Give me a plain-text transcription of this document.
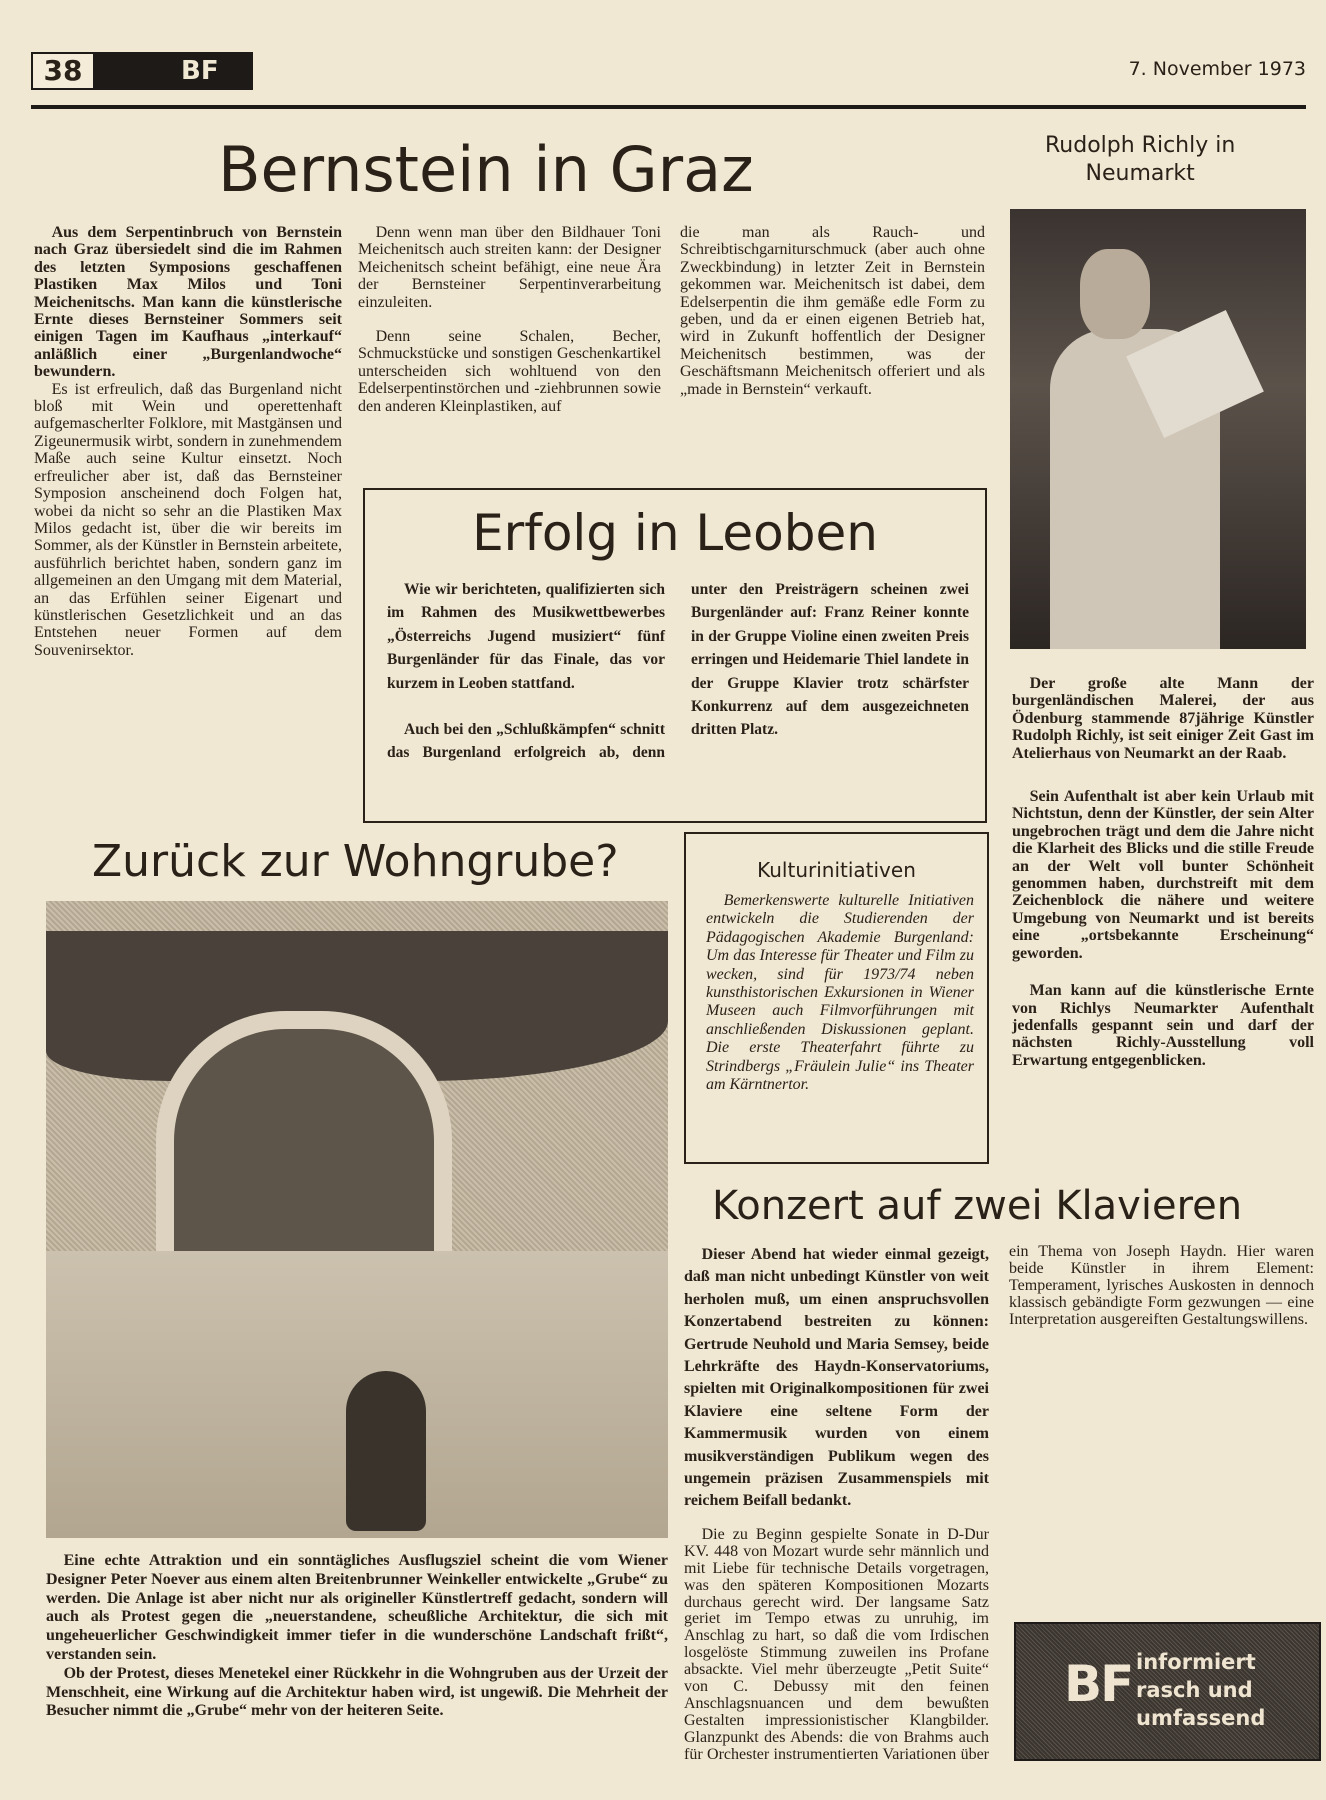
38	BF	7. November 1973
Bernstein in Graz

Aus dem Serpentinbruch von Bernstein nach Graz übersiedelt sind die im Rahmen des letzten Symposions geschaffenen Plastiken Max Milos und Toni Meichenitschs. Man kann die künstlerische Ernte dieses Bernsteiner Sommers seit einigen Tagen im Kaufhaus „interkauf“ anläßlich einer „Burgenlandwoche“ bewundern.

Es ist erfreulich, daß das Burgenland nicht bloß mit Wein und operettenhaft aufgemascherlter Folklore, mit Mastgänsen und Zigeunermusik wirbt, sondern in zunehmendem Maße auch seine Kultur einsetzt. Noch erfreulicher aber ist, daß das Bernsteiner Symposion anscheinend doch Folgen hat, wobei da nicht so sehr an die Plastiken Max Milos gedacht ist, über die wir bereits im Sommer, als der Künstler in Bernstein arbeitete, ausführlich berichtet haben, sondern ganz im allgemeinen an den Umgang mit dem Material, an das Erfühlen seiner Eigenart und künstlerischen Gesetzlichkeit und an das Entstehen neuer Formen auf dem Souvenirsektor.

Denn wenn man über den Bildhauer Toni Meichenitsch auch streiten kann: der Designer Meichenitsch scheint befähigt, eine neue Ära der Bernsteiner Serpentinverarbeitung einzuleiten.

Denn seine Schalen, Becher, Schmuckstücke und sonstigen Geschenkartikel unterscheiden sich wohltuend von den Edelserpentinstörchen und -ziehbrunnen sowie den anderen Kleinplastiken, auf

die man als Rauch- und Schreibtischgarniturschmuck (aber auch ohne Zweckbindung) in letzter Zeit in Bernstein gekommen war. Meichenitsch ist dabei, dem Edelserpentin die ihm gemäße edle Form zu geben, und da er einen eigenen Betrieb hat, wird in Zukunft hoffentlich der Designer Meichenitsch bestimmen, was der Geschäftsmann Meichenitsch offeriert und als „made in Bernstein“ verkauft.

Rudolph Richly in
Neumarkt

Der große alte Mann der burgenländischen Malerei, der aus Ödenburg stammende 87jährige Künstler Rudolph Richly, ist seit einiger Zeit Gast im Atelierhaus von Neumarkt an der Raab.

Sein Aufenthalt ist aber kein Urlaub mit Nichtstun, denn der Künstler, der sein Alter ungebrochen trägt und dem die Jahre nicht die Klarheit des Blicks und die stille Freude an der Welt voll bunter Schönheit genommen haben, durchstreift mit dem Zeichenblock die nähere und weitere Umgebung von Neumarkt und ist bereits eine „ortsbekannte Erscheinung“ geworden.

Man kann auf die künstlerische Ernte von Richlys Neumarkter Aufenthalt jedenfalls gespannt sein und darf der nächsten Richly-Ausstellung voll Erwartung entgegenblicken.

Erfolg in Leoben

Wie wir berichteten, qualifizierten sich im Rahmen des Musikwettbewerbes „Österreichs Jugend musiziert“ fünf Burgenländer für das Finale, das vor kurzem in Leoben stattfand.

Auch bei den „Schlußkämpfen“ schnitt das Burgenland erfolgreich ab, denn unter den Preisträgern scheinen zwei Burgenländer auf: Franz Reiner konnte in der Gruppe Violine einen zweiten Preis erringen und Heidemarie Thiel landete in der Gruppe Klavier trotz schärfster Konkurrenz auf dem ausgezeichneten dritten Platz.

Zurück zur Wohngrube?

Eine echte Attraktion und ein sonntägliches Ausflugsziel scheint die vom Wiener Designer Peter Noever aus einem alten Breitenbrunner Weinkeller entwickelte „Grube“ zu werden. Die Anlage ist aber nicht nur als origineller Künstlertreff gedacht, sondern will auch als Protest gegen die „neuerstandene, scheußliche Architektur, die sich mit ungeheuerlicher Geschwindigkeit immer tiefer in die wunderschöne Landschaft frißt“, verstanden sein.

Ob der Protest, dieses Menetekel einer Rückkehr in die Wohngruben aus der Urzeit der Menschheit, eine Wirkung auf die Architektur haben wird, ist ungewiß. Die Mehrheit der Besucher nimmt die „Grube“ mehr von der heiteren Seite.

Kulturinitiativen

Bemerkenswerte kulturelle Initiativen entwickeln die Studierenden der Pädagogischen Akademie Burgenland: Um das Interesse für Theater und Film zu wecken, sind für 1973/74 neben kunsthistorischen Exkursionen in Wiener Museen auch Filmvorführungen mit anschließenden Diskussionen geplant. Die erste Theaterfahrt führte zu Strindbergs „Fräulein Julie“ ins Theater am Kärntnertor.

Konzert auf zwei Klavieren

Dieser Abend hat wieder einmal gezeigt, daß man nicht unbedingt Künstler von weit herholen muß, um einen anspruchsvollen Konzertabend bestreiten zu können: Gertrude Neuhold und Maria Semsey, beide Lehrkräfte des Haydn-Konservatoriums, spielten mit Originalkompositionen für zwei Klaviere eine seltene Form der Kammermusik wurden von einem musikverständigen Publikum wegen des ungemein präzisen Zusammenspiels mit reichem Beifall bedankt.

Die zu Beginn gespielte Sonate in D-Dur KV. 448 von Mozart wurde sehr männlich und mit Liebe für technische Details vorgetragen, was den späteren Kompositionen Mozarts durchaus gerecht wird. Der langsame Satz geriet im Tempo etwas zu unruhig, im Anschlag zu hart, so daß die vom Irdischen losgelöste Stimmung zuweilen ins Profane absackte. Viel mehr überzeugte „Petit Suite“ von C. Debussy mit den feinen Anschlagsnuancen und dem bewußten Gestalten impressionistischer Klangbilder. Glanzpunkt des Abends: die von Brahms auch für Orchester instrumentierten Variationen über ein Thema von Joseph Haydn. Hier waren beide Künstler in ihrem Element: Temperament, lyrisches Auskosten in dennoch klassisch gebändigte Form gezwungen — eine Interpretation ausgereiften Gestaltungswillens.

BF informiert
rasch und
umfassend
